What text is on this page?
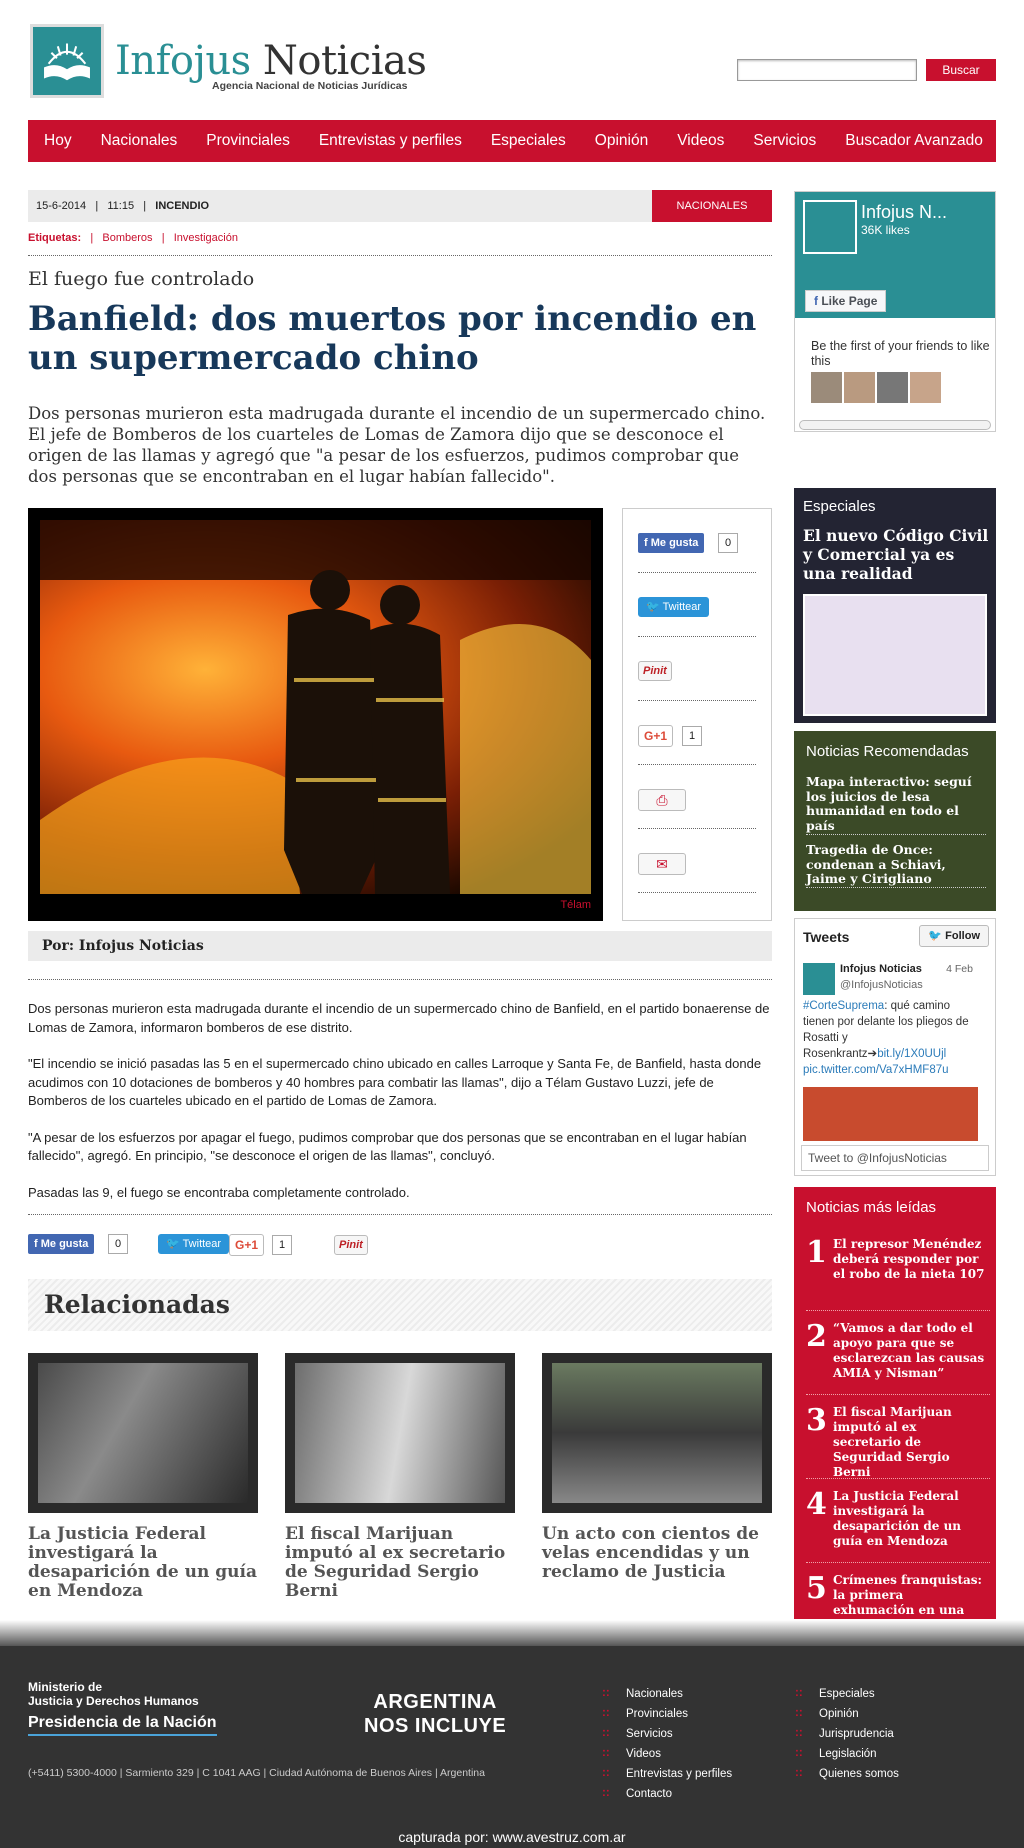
Infojus Noticias
Agencia Nacional de Noticias Jurídicas
Buscar
Hoy Nacionales Provinciales Entrevistas y perfiles Especiales Opinión Videos Servicios Buscador Avanzado
15-6-2014   |   11:15   |   INCENDIO	NACIONALES
Etiquetas:   |   Bomberos   |   Investigación
El fuego fue controlado
Banfield: dos muertos por incendio en un supermercado chino
Dos personas murieron esta madrugada durante el incendio de un supermercado chino. El jefe de Bomberos de los cuarteles de Lomas de Zamora dijo que se desconoce el origen de las llamas y agregó que "a pesar de los esfuerzos, pudimos comprobar que dos personas que se encontraban en el lugar habían fallecido".
Télam
f Me gusta	0
🐦 Twittear
Pinit
G+1	1
⎙
✉
Por: Infojus Noticias

Dos personas murieron esta madrugada durante el incendio de un supermercado chino de Banfield, en el partido bonaerense de Lomas de Zamora, informaron bomberos de ese distrito.

"El incendio se inició pasadas las 5 en el supermercado chino ubicado en calles Larroque y Santa Fe, de Banfield, hasta donde acudimos con 10 dotaciones de bomberos y 40 hombres para combatir las llamas", dijo a Télam Gustavo Luzzi, jefe de Bomberos de los cuarteles ubicado en el partido de Lomas de Zamora.

"A pesar de los esfuerzos por apagar el fuego, pudimos comprobar que dos personas que se encontraban en el lugar habían fallecido", agregó. En principio, "se desconoce el origen de las llamas", concluyó.

Pasadas las 9, el fuego se encontraba completamente controlado.

f Me gusta	0	🐦 Twittear	G+1	1	Pinit
Relacionadas
La Justicia Federal investigará la desaparición de un guía en Mendoza
El fiscal Marijuan imputó al ex secretario de Seguridad Sergio Berni
Un acto con cientos de velas encendidas y un reclamo de Justicia
Infojus N...
36K likes
f Like Page
Be the first of your friends to like this
Especiales
El nuevo Código Civil y Comercial ya es una realidad
Noticias Recomendadas
Mapa interactivo: seguí los juicios de lesa humanidad en todo el país
Tragedia de Once: condenan a Schiavi, Jaime y Cirigliano
Tweets	🐦 Follow
Infojus Noticias
@InfojusNoticias
4 Feb
#CorteSuprema: qué camino tienen por delante los pliegos de Rosatti y Rosenkrantz➔bit.ly/1X0UUjl
pic.twitter.com/Va7xHMF87u
Tweet to @InfojusNoticias
Noticias más leídas
1 El represor Menéndez deberá responder por el robo de la nieta 107
2 “Vamos a dar todo el apoyo para que se esclarezcan las causas AMIA y Nisman”
3 El fiscal Marijuan imputó al ex secretario de Seguridad Sergio Berni
4 La Justicia Federal investigará la desaparición de un guía en Mendoza
5 Crímenes franquistas: la primera exhumación en una
Ministerio de
Justicia y Derechos Humanos
Presidencia de la Nación
(+5411) 5300-4000 | Sarmiento 329 | C 1041 AAG | Ciudad Autónoma de Buenos Aires | Argentina
ARGENTINA
NOS INCLUYE
:: Nacionales
:: Provinciales
:: Servicios
:: Videos
:: Entrevistas y perfiles
:: Contacto
:: Especiales
:: Opinión
:: Jurisprudencia
:: Legislación
:: Quienes somos
capturada por: www.avestruz.com.ar
